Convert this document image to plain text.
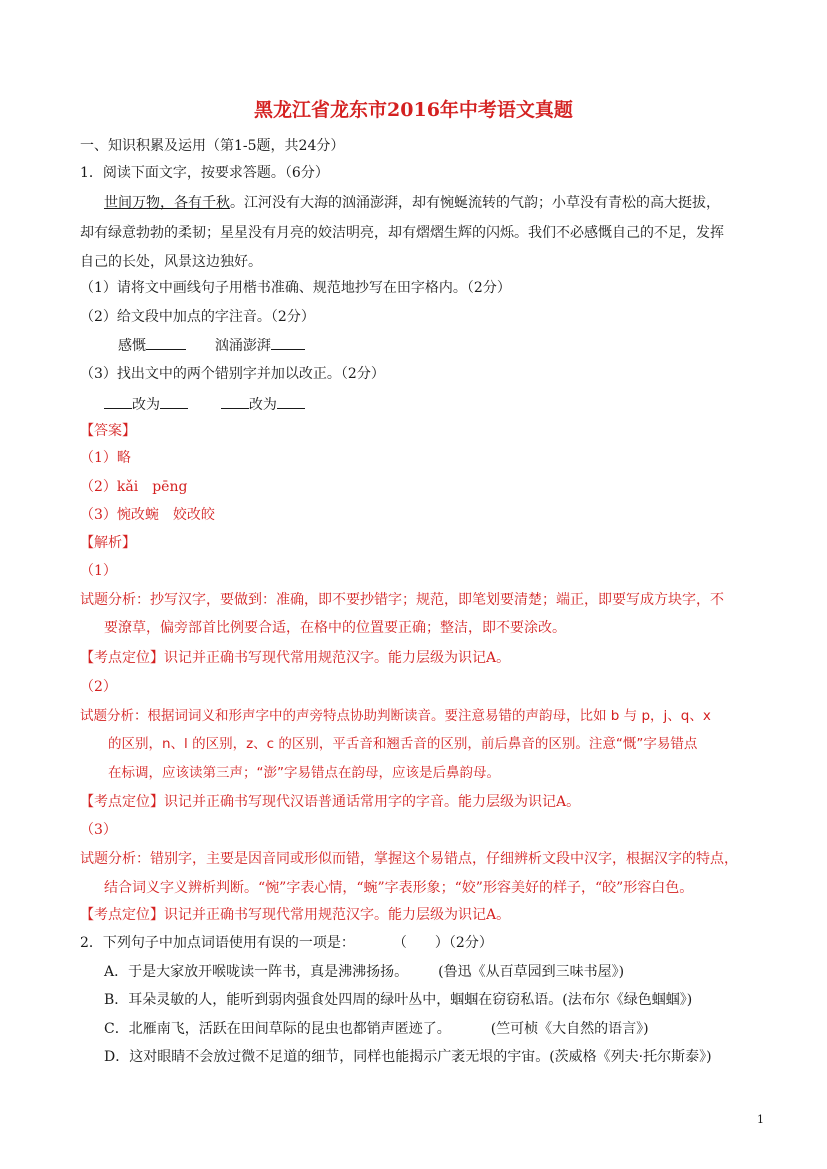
黑龙江省龙东市2016年中考语文真题
一、知识积累及运用（第1-5题，共24分）
1．阅读下面文字，按要求答题。（6分）
世间万物，各有千秋。江河没有大海的汹涌澎湃，却有惋蜒流转的气韵；小草没有青松的高大挺拔，
却有绿意勃勃的柔韧；星星没有月亮的姣洁明亮，却有熠熠生辉的闪烁。我们不必感慨自己的不足，发挥
自己的长处，风景这边独好。
（1）请将文中画线句子用楷书准确、规范地抄写在田字格内。（2分）
（2）给文段中加点的字注音。（2分）
感慨	汹涌澎湃
（3）找出文中的两个错别字并加以改正。（2分）
改为	改为
【答案】
（1）略
（2）kǎi　pēng
（3）惋改蜿　姣改皎
【解析】
（1）
试题分析：抄写汉字，要做到：准确，即不要抄错字；规范，即笔划要清楚；端正，即要写成方块字，不
要潦草，偏旁部首比例要合适，在格中的位置要正确；整洁，即不要涂改。
【考点定位】识记并正确书写现代常用规范汉字。能力层级为识记A。
（2）
试题分析：根据词词义和形声字中的声旁特点协助判断读音。要注意易错的声韵母，比如 b 与 p，j、q、x
的区别，n、l 的区别，z、c 的区别，平舌音和翘舌音的区别，前后鼻音的区别。注意“慨”字易错点
在标调，应该读第三声；“澎”字易错点在韵母，应该是后鼻韵母。
【考点定位】识记并正确书写现代汉语普通话常用字的字音。能力层级为识记A。
（3）
试题分析：错别字，主要是因音同或形似而错，掌握这个易错点，仔细辨析文段中汉字，根据汉字的特点，
结合词义字义辨析判断。“惋”字表心情，“蜿”字表形象；“姣”形容美好的样子，“皎”形容白色。
【考点定位】识记并正确书写现代常用规范汉字。能力层级为识记A。
2．下列句子中加点词语使用有误的一项是：	（　　）（2分）
A．于是大家放开喉咙读一阵书，真是沸沸扬扬。 (鲁迅《从百草园到三味书屋》)
B．耳朵灵敏的人，能听到弱肉强食处四周的绿叶丛中，蝈蝈在窃窃私语。(法布尔《绿色蝈蝈》)
C．北雁南飞，活跃在田间草际的昆虫也都销声匿迹了。	(竺可桢《大自然的语言》)
D．这对眼睛不会放过微不足道的细节，同样也能揭示广袤无垠的宇宙。(茨威格《列夫·托尔斯泰》)
1
